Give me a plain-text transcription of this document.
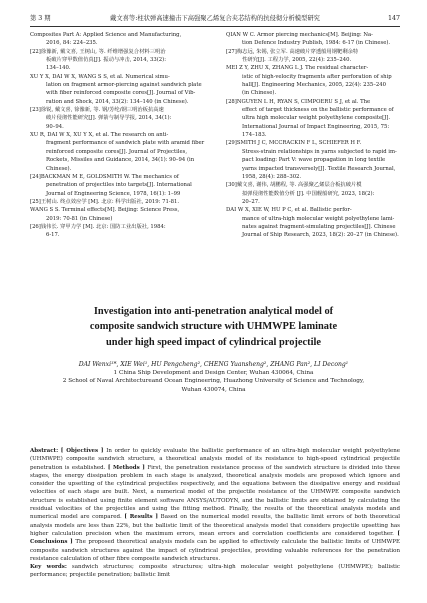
第 3 期	戴文喜等:柱状弹高速撞击下高强聚乙烯复合夹芯结构的抗侵彻分析模型研究	147
Composites Part A: Applied Science and Manufacturing,
2016, 84: 224–235.
[22]徐豫新, 戴文喜, 王树山, 等. 纤维增强复合材料三明治
板破片穿甲数值仿真[J]. 振动与冲击, 2014, 33(2):
134–140.
XU Y X, DAI W X, WANG S S, et al. Numerical simu-
lation on fragment armor-piercing against sandwich plate
with fiber reinforced composite cores[J]. Journal of Vib-
ration and Shock, 2014, 33(2): 134–140 (in Chinese).
[23]徐锐, 戴文喜, 徐豫新, 等. 钢/芳纶/钢三明治板抗高速
破片侵彻性能研究[J]. 弹箭与制导学报, 2014, 34(1):
90–94.
XU R, DAI W X, XU Y X, et al. The research on anti-
fragment performance of sandwich plate with aramid fiber
reinforced composite cores[J]. Journal of Projectiles,
Rockets, Missiles and Guidance, 2014, 34(1): 90–94 (in
Chinese).
[24]BACKMAN M E, GOLDSMITH W. The mechanics of
penetration of projectiles into targets[J]. International
Journal of Engineering Science, 1978, 16(1): 1–99
[25]王树山. 终点效应学 [M]. 北京: 科学出版社, 2019: 71-81.
WANG S S. Terminal effects[M]. Beijing: Science Press,
2019: 70-81 (in Chinese)
[26]钱伟长. 穿甲力学 [M]. 北京: 国防工业出版社, 1984:
6-17.
QIAN W C. Armor piercing mechanics[M]. Beijing: Na-
tion Defence Industry Publish, 1984: 6-17 (in Chinese).
[27]梅志远, 朱锡, 张立军. 高速破片穿透船用钢靶剩余特
性研究[J]. 工程力学, 2005, 22(4): 235–240.
MEI Z Y, ZHU X, ZHANG L J. The residual character-
istic of high-velocity fragments after perforation of ship
hall[J]. Engineering Mechanics, 2005, 22(4): 235–240
(in Chinese).
[28]NGUYEN L H, RYAN S, CIMPOERU S J, et al. The
effect of target thickness on the ballistic performance of
ultra high molecular weight polyethylene composite[J].
International Journal of Impact Engineering, 2015, 75:
174–183.
[29]SMITH J C, MCCRACKIN F L, SCHIEFER H F.
Stress-strain relationships in yarns subjected to rapid im-
pact loading: Part V: wave propagation in long textile
yarns impacted transversely[J]. Textile Research Journal,
1958, 28(4): 288–302.
[30]戴文喜, 谢伟, 胡鹏程, 等. 高强聚乙烯层合板抗破片模
拟弹侵彻性能数值分析 [J]. 中国舰船研究, 2023, 18(2):
20–27.
DAI W X, XIE W, HU P C, et al. Ballistic perfor-
mance of ultra-high molecular weight polyethylene lami-
nates against fragment-simulating projectiles[J]. Chinese
Journal of Ship Research, 2023, 18(2): 20–27 (in Chinese).
Investigation into anti-penetration analytical model of
composite sandwich structure with UHMWPE laminate
under high speed impact of cylindrical projectile
DAI Wenxi¹*, XIE Wei¹, HU Pengcheng², CHENG Yuansheng², ZHANG Pan², LI Decong¹
1 China Ship Development and Design Center, Wuhan 430064, China
2 School of Naval Architectureand Ocean Engineering, Huazhong University of Science and Technology,
Wuhan 430074, China

Abstract: [ Objectives ] In order to quickly evaluate the ballistic performance of an ultra-high molecular weight polyethylene (UHMWPE) composite sandwich structure, a theoretical analysis model of its resistance to high-speed cylindrical projectile penetration is established. [ Methods ] First, the penetration resistance process of the sandwich structure is divided into three stages, the energy dissipation problem in each stage is analyzed, theoretical analysis models are proposed which ignore and consider the upsetting of the cylindrical projectiles respectively, and the equations between the dissipative energy and residual velocities of each stage are built. Next, a numerical model of the projectile resistance of the UHMWPE composite sandwich structure is established using finite element software ANSYS/AUTODYN, and the ballistic limits are obtained by calculating the residual velocities of the projectiles and using the fitting method. Finally, the results of the theoretical analysis models and numerical model are compared. [ Results ] Based on the numerical model results, the ballistic limit errors of both theoretical analysis models are less than 22%, but the ballistic limit of the theoretical analysis model that considers projectile upsetting has higher calculation precision when the maximum errors, mean errors and correlation coefficients are considered together. [ Conclusions ] The proposed theoretical analysis models can be applied to effectively calculate the ballistic limits of UHMWPE composite sandwich structures against the impact of cylindrical projectiles, providing valuable references for the penetration resistance calculation of other fibre composite sandwich structures.

Key words: sandwich structures; composite structures; ultra-high molecular weight polyethylene (UHMWPE); ballistic performance; projectile penetration; ballistic limit
